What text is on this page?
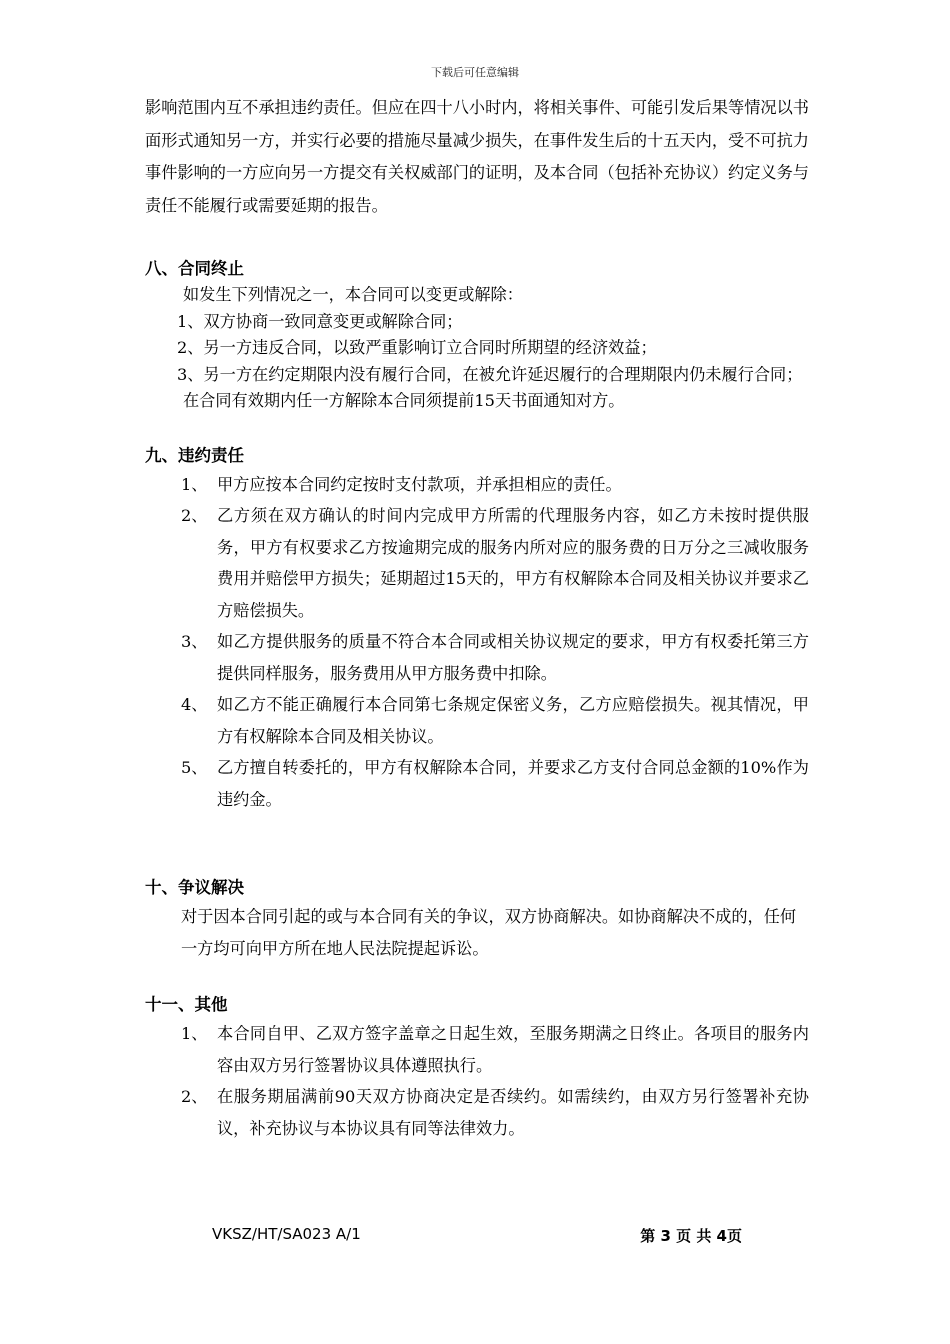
下载后可任意编辑

影响范围内互不承担违约责任。但应在四十八小时内，将相关事件、可能引发后果等情况以书面形式通知另一方，并实行必要的措施尽量减少损失，在事件发生后的十五天内，受不可抗力事件影响的一方应向另一方提交有关权威部门的证明，及本合同（包括补充协议）约定义务与责任不能履行或需要延期的报告。

八、合同终止

如发生下列情况之一，本合同可以变更或解除：

1、双方协商一致同意变更或解除合同；

2、另一方违反合同，以致严重影响订立合同时所期望的经济效益；

3、另一方在约定期限内没有履行合同，在被允许延迟履行的合理期限内仍未履行合同；

在合同有效期内任一方解除本合同须提前15天书面通知对方。

九、违约责任

1、 甲方应按本合同约定按时支付款项，并承担相应的责任。

2、 乙方须在双方确认的时间内完成甲方所需的代理服务内容，如乙方未按时提供服务，甲方有权要求乙方按逾期完成的服务内所对应的服务费的日万分之三减收服务费用并赔偿甲方损失；延期超过15天的，甲方有权解除本合同及相关协议并要求乙方赔偿损失。

3、 如乙方提供服务的质量不符合本合同或相关协议规定的要求，甲方有权委托第三方提供同样服务，服务费用从甲方服务费中扣除。

4、 如乙方不能正确履行本合同第七条规定保密义务，乙方应赔偿损失。视其情况，甲方有权解除本合同及相关协议。

5、 乙方擅自转委托的，甲方有权解除本合同，并要求乙方支付合同总金额的10%作为违约金。

十、争议解决

对于因本合同引起的或与本合同有关的争议，双方协商解决。如协商解决不成的，任何一方均可向甲方所在地人民法院提起诉讼。

十一、其他

1、 本合同自甲、乙双方签字盖章之日起生效，至服务期满之日终止。各项目的服务内容由双方另行签署协议具体遵照执行。

2、 在服务期届满前90天双方协商决定是否续约。如需续约，由双方另行签署补充协议，补充协议与本协议具有同等法律效力。

VKSZ/HT/SA023 A/1	第 3 页 共 4页
